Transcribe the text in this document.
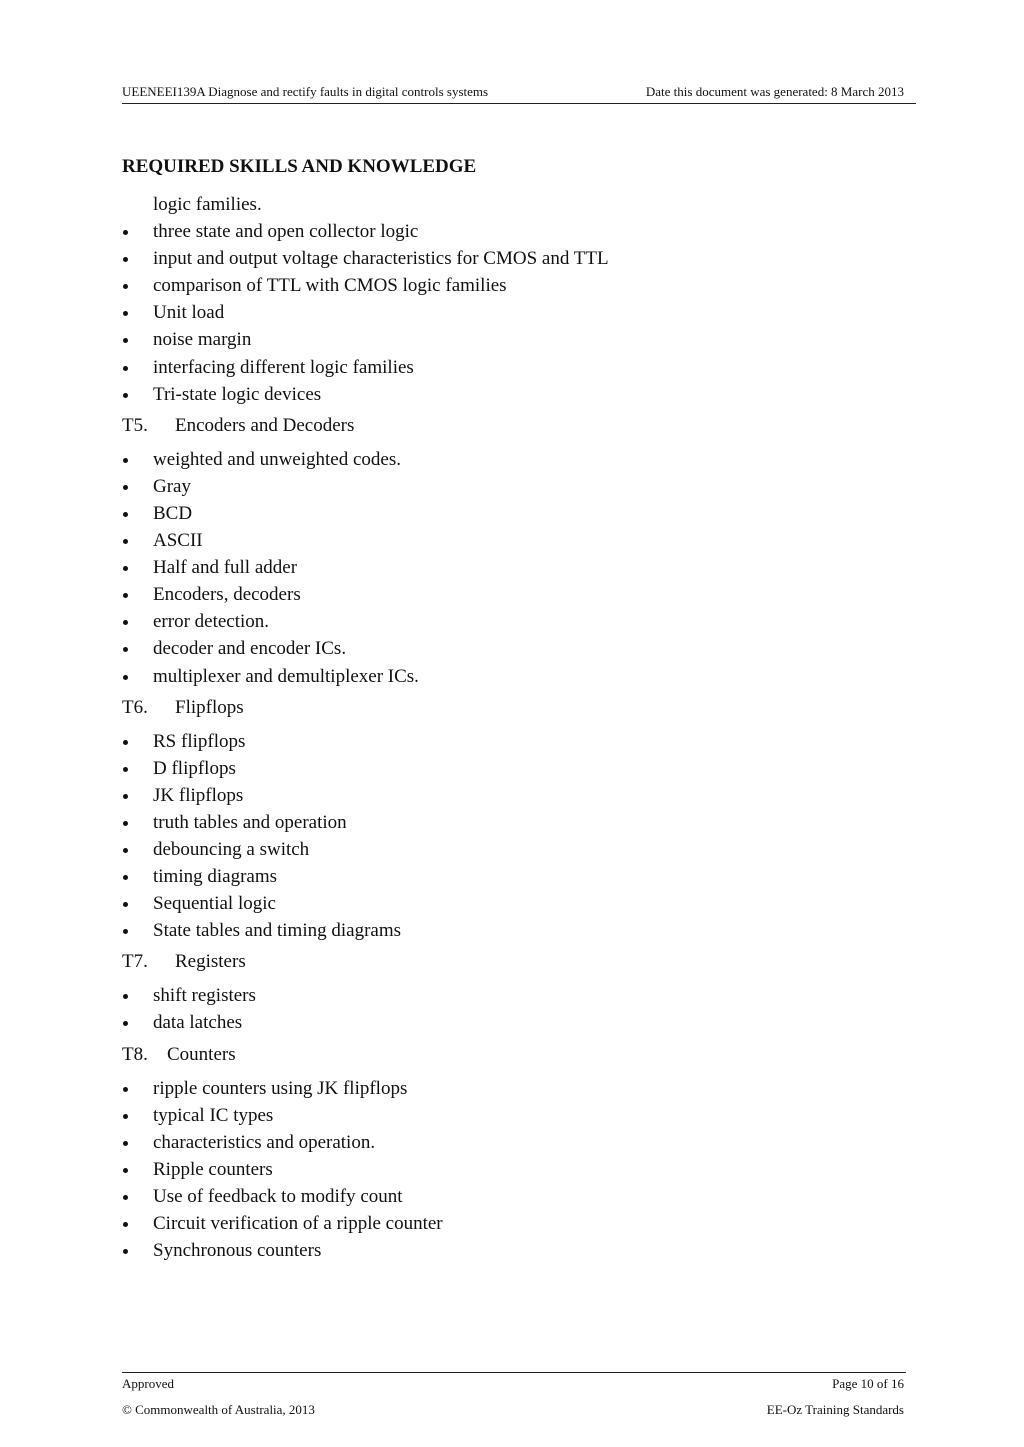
UEENEEI139A Diagnose and rectify faults in digital controls systems	Date this document was generated: 8 March 2013
REQUIRED SKILLS AND KNOWLEDGE
logic families.
three state and open collector logic
input and output voltage characteristics for CMOS and TTL
comparison of TTL with CMOS logic families
Unit load
noise margin
interfacing different logic families
Tri-state logic devices
T5. Encoders and Decoders
weighted and unweighted codes.
Gray
BCD
ASCII
Half and full adder
Encoders, decoders
error detection.
decoder and encoder ICs.
multiplexer and demultiplexer ICs.
T6. Flipflops
RS flipflops
D flipflops
JK flipflops
truth tables and operation
debouncing a switch
timing diagrams
Sequential logic
State tables and timing diagrams
T7. Registers
shift registers
data latches
T8. Counters
ripple counters using JK flipflops
typical IC types
characteristics and operation.
Ripple counters
Use of feedback to modify count
Circuit verification of a ripple counter
Synchronous counters
Approved	Page 10 of 16
© Commonwealth of Australia, 2013	EE-Oz Training Standards
